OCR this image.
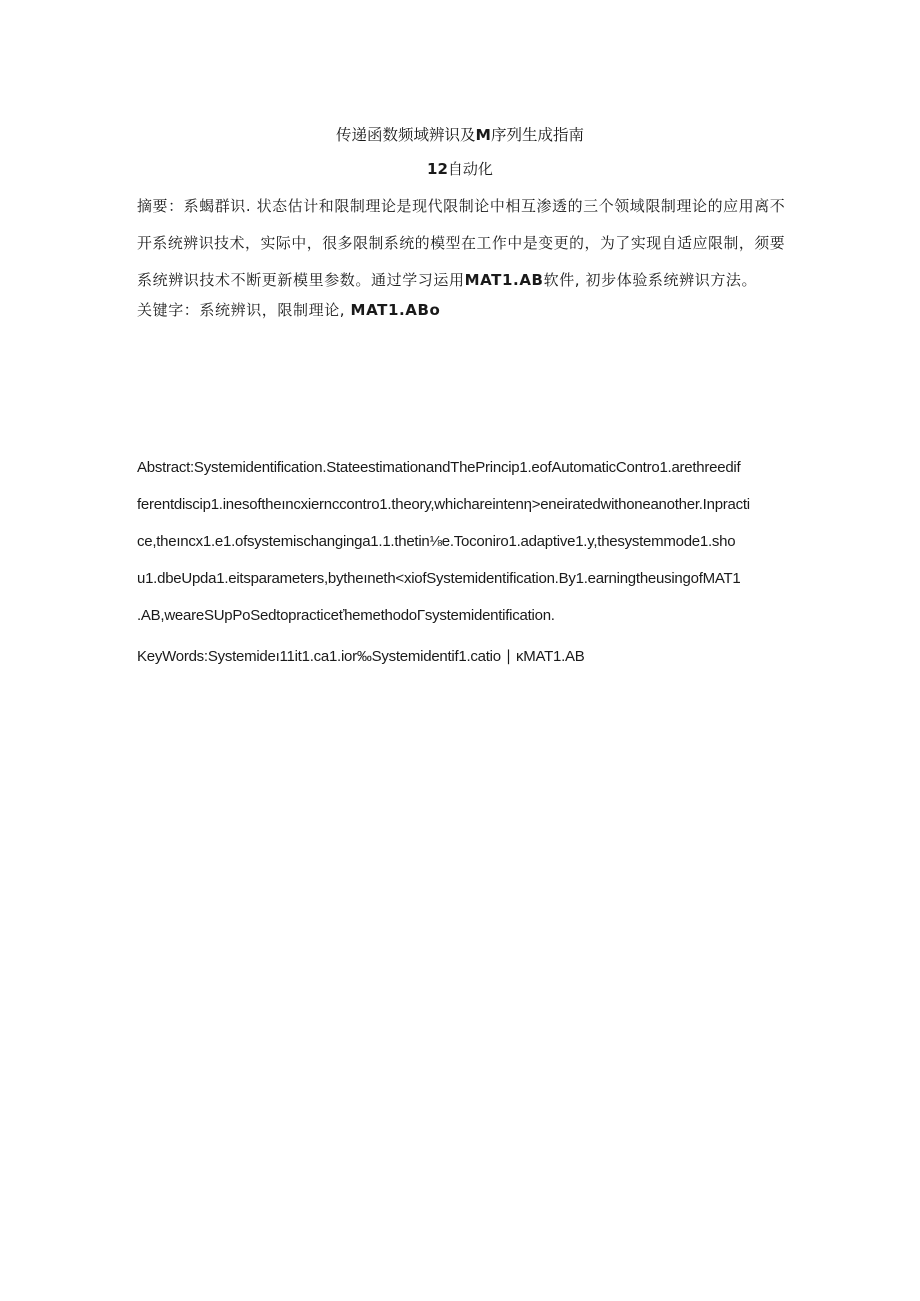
传递函数频域辨识及M序列生成指南
12自动化
摘要：系蝎群识. 状态估计和限制理论是现代限制论中相互渗透的三个领域限制理论的应用离不
开系统辨识技术，实际中，很多限制系统的模型在工作中是变更的，为了实现自适应限制，须要
系统辨识技术不断更新模里参数。通过学习运用MAT1.AB软件, 初步体验系统辨识方法。
关键字：系统辨识，限制理论, MAT1.ABo
Abstract:Systemidentification.StateestimationandThePrincip1.eofAutomaticContro1.arethreedif
ferentdiscip1.inesoftheıncxiernccontro1.theory,whichareintenη>eneiratedwithoneanother.Inpracti
ce,theıncx1.e1.ofsystemischanginga1.1.thetin⅛e.Toconiro1.adaptive1.y,thesystemmode1.sho
u1.dbeUpda1.eitsparameters,bytheıneth<xiofSystemidentification.By1.earningtheusingofMAT1
.AB,weareSUpPoSedtopracticeťhemethodoΓsystemidentification.
KeyWords:Systemideı11it1.ca1.ior‰Systemidentif1.catio ∣ κMAT1.AB
